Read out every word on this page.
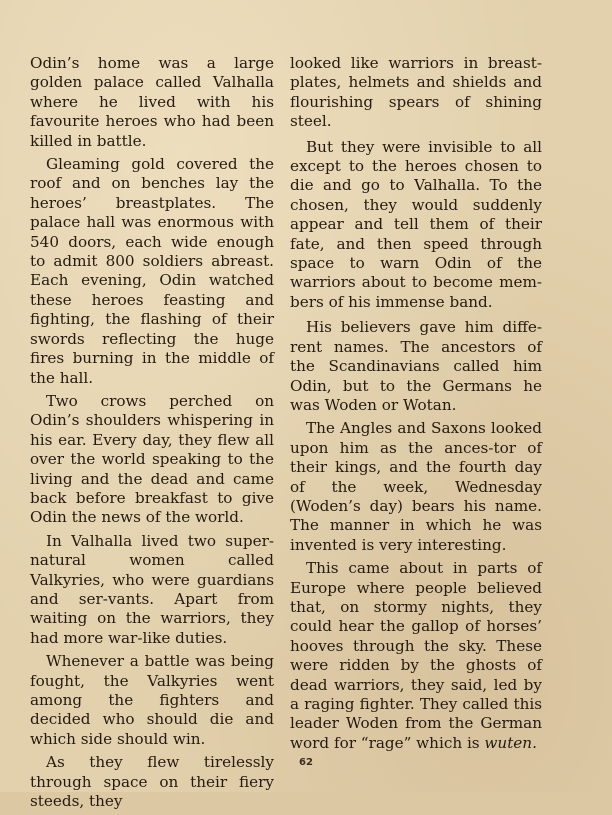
Odin’s home was a large golden palace called Valhalla where he lived with his favourite heroes who had been killed in battle.

Gleaming gold covered the roof and on benches lay the heroes’ breastplates. The palace hall was enormous with 540 doors, each wide enough to admit 800 soldiers abreast. Each evening, Odin watched these heroes feasting and fighting, the flashing of their swords reflecting the huge fires burning in the middle of the hall.

Two crows perched on Odin’s shoulders whispering in his ear. Every day, they flew all over the world speaking to the living and the dead and came back before breakfast to give Odin the news of the world.

In Valhalla lived two super-natural women called Valkyries, who were guardians and ser-vants. Apart from waiting on the warriors, they had more war-like duties.

Whenever a battle was being fought, the Valkyries went among the fighters and decided who should die and which side should win.

As they flew tirelessly through space on their fiery steeds, they

looked like warriors in breast-plates, helmets and shields and flourishing spears of shining steel.

But they were invisible to all except to the heroes chosen to die and go to Valhalla. To the chosen, they would suddenly appear and tell them of their fate, and then speed through space to warn Odin of the warriors about to become mem-bers of his immense band.

His believers gave him diffe-rent names. The ancestors of the Scandinavians called him Odin, but to the Germans he was Woden or Wotan.

The Angles and Saxons looked upon him as the ances-tor of their kings, and the fourth day of the week, Wednesday (Woden’s day) bears his name. The manner in which he was invented is very interesting.

This came about in parts of Europe where people believed that, on stormy nights, they could hear the gallop of horses’ hooves through the sky. These were ridden by the ghosts of dead warriors, they said, led by a raging fighter. They called this leader Woden from the German word for “rage” which is wuten.

62
